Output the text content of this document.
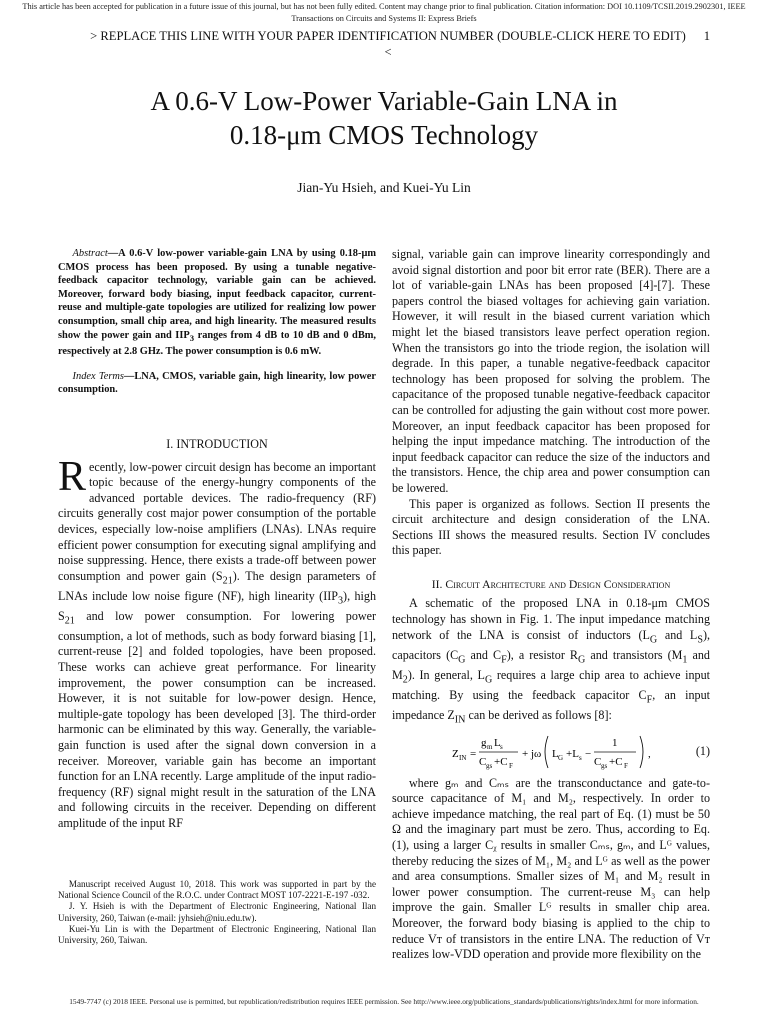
This article has been accepted for publication in a future issue of this journal, but has not been fully edited. Content may change prior to final publication. Citation information: DOI 10.1109/TCSII.2019.2902301, IEEE
Transactions on Circuits and Systems II: Express Briefs
> REPLACE THIS LINE WITH YOUR PAPER IDENTIFICATION NUMBER (DOUBLE-CLICK HERE TO EDIT) <
1
A 0.6-V Low-Power Variable-Gain LNA in
0.18-μm CMOS Technology
Jian-Yu Hsieh, and Kuei-Yu Lin

Abstract—A 0.6-V low-power variable-gain LNA by using 0.18-μm CMOS process has been proposed. By using a tunable negative-feedback capacitor technology, variable gain can be achieved. Moreover, forward body biasing, input feedback capacitor, current-reuse and multiple-gate topologies are utilized for realizing low power consumption, small chip area, and high linearity. The measured results show the power gain and $IIP_3$ ranges from 4 dB to 10 dB and 0 dBm, respectively at 2.8 GHz. The power consumption is 0.6 mW.

Index Terms—LNA, CMOS, variable gain, high linearity, low power consumption.

I. INTRODUCTION

Recently, low-power circuit design has become an important topic because of the energy-hungry components of the advanced portable devices. The radio-frequency (RF) circuits generally cost major power consumption of the portable devices, especially low-noise amplifiers (LNAs). LNAs require efficient power consumption for executing signal amplifying and noise suppressing. Hence, there exists a trade-off between power consumption and power gain $(S_{21})$. The design parameters of LNAs include low noise figure (NF), high linearity $(IIP_3)$, high $S_{21}$ and low power consumption. For lowering power consumption, a lot of methods, such as body forward biasing [1], current-reuse [2] and folded topologies, have been proposed. These works can achieve great performance. For linearity improvement, the power consumption can be increased. However, it is not suitable for low-power design. Hence, multiple-gate topology has been developed [3]. The third-order harmonic can be eliminated by this way. Generally, the variable-gain function is used after the signal down conversion in a receiver. Moreover, variable gain has become an important function for an LNA recently. Large amplitude of the input radio-frequency (RF) signal might result in the saturation of the LNA and following circuits in the receiver. Depending on different amplitude of the input RF

signal, variable gain can improve linearity correspondingly and avoid signal distortion and poor bit error rate (BER). There are a lot of variable-gain LNAs has been proposed [4]-[7]. These papers control the biased voltages for achieving gain variation. However, it will result in the biased current variation which might let the biased transistors leave perfect operation region. When the transistors go into the triode region, the isolation will degrade. In this paper, a tunable negative-feedback capacitor technology has been proposed for solving the problem. The capacitance of the proposed tunable negative-feedback capacitor can be controlled for adjusting the gain without cost more power. Moreover, an input feedback capacitor has been proposed for helping the input impedance matching. The introduction of the input feedback capacitor can reduce the size of the inductors and the transistors. Hence, the chip area and power consumption can be lowered.

This paper is organized as follows. Section II presents the circuit architecture and design consideration of the LNA. Sections III shows the measured results. Section IV concludes this paper.

II. Circuit Architecture and Design Consideration

A schematic of the proposed LNA in 0.18-μm CMOS technology has shown in Fig. 1. The input impedance matching network of the LNA is consist of inductors ($L_G$ and $L_S$), capacitors ($C_G$ and $C_F$), a resistor $R_G$ and transistors ($M_1$ and $M_2$). In general, $L_G$ requires a large chip area to achieve input matching. By using the feedback capacitor $C_F$, an input impedance $Z_{IN}$ can be derived as follows [8]:

Z IN =
g m L s
C gs +C F
+ jω L G +L s −
1
C gs +C F
,	(1)

where gₘ and Cₘₛ are the transconductance and gate-to-source capacitance of M₁ and M₂, respectively. In order to achieve impedance matching, the real part of Eq. (1) must be 50 Ω and the imaginary part must be zero. Thus, according to Eq. (1), using a larger Cᵪ results in smaller Cₘₛ, gₘ, and Lᴳ values, thereby reducing the sizes of M₁, M₂ and Lᴳ as well as the power and area consumptions. Smaller sizes of M₁ and M₂ result in lower power consumption. The current-reuse M₃ can help improve the gain. Smaller Lᴳ results in smaller chip area. Moreover, the forward body biasing is applied to the chip to reduce Vᴛ of transistors in the entire LNA. The reduction of Vᴛ realizes low-VDD operation and provide more flexibility on the

Manuscript received August 10, 2018. This work was supported in part by the National Science Council of the R.O.C. under Contract MOST 107-2221-E-197 -032.

J. Y. Hsieh is with the Department of Electronic Engineering, National Ilan University, 260, Taiwan (e-mail: jyhsieh@niu.edu.tw).

Kuei-Yu Lin is with the Department of Electronic Engineering, National Ilan University, 260, Taiwan.

1549-7747 (c) 2018 IEEE. Personal use is permitted, but republication/redistribution requires IEEE permission. See http://www.ieee.org/publications_standards/publications/rights/index.html for more information.
